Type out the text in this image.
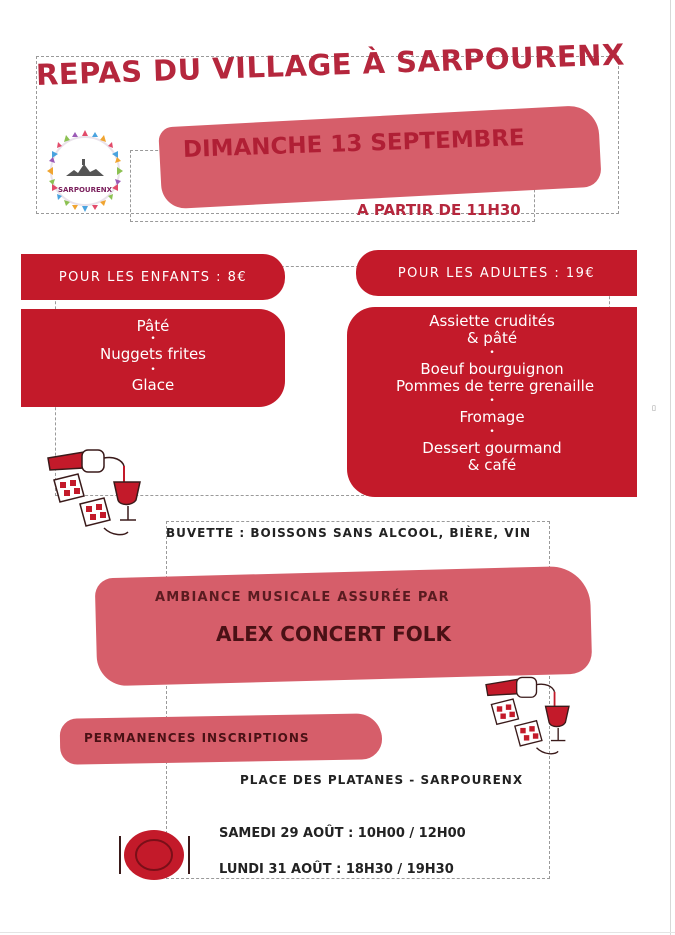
REPAS DU VILLAGE À SARPOURENX
SARPOURENX
DIMANCHE 13 SEPTEMBRE
A PARTIR DE 11H30
POUR LES ENFANTS : 8€
Pâté
•
Nuggets frites
•
Glace
POUR LES ADULTES : 19€
Assiette crudités
& pâté
•
Boeuf bourguignon
Pommes de terre grenaille
•
Fromage
•
Dessert gourmand
& café
▯
BUVETTE : BOISSONS SANS ALCOOL, BIÈRE, VIN
AMBIANCE MUSICALE ASSURÉE PAR
ALEX CONCERT FOLK
PERMANENCES INSCRIPTIONS
PLACE DES PLATANES - SARPOURENX
SAMEDI 29 AOÛT : 10H00 / 12H00
LUNDI 31 AOÛT : 18H30 / 19H30
